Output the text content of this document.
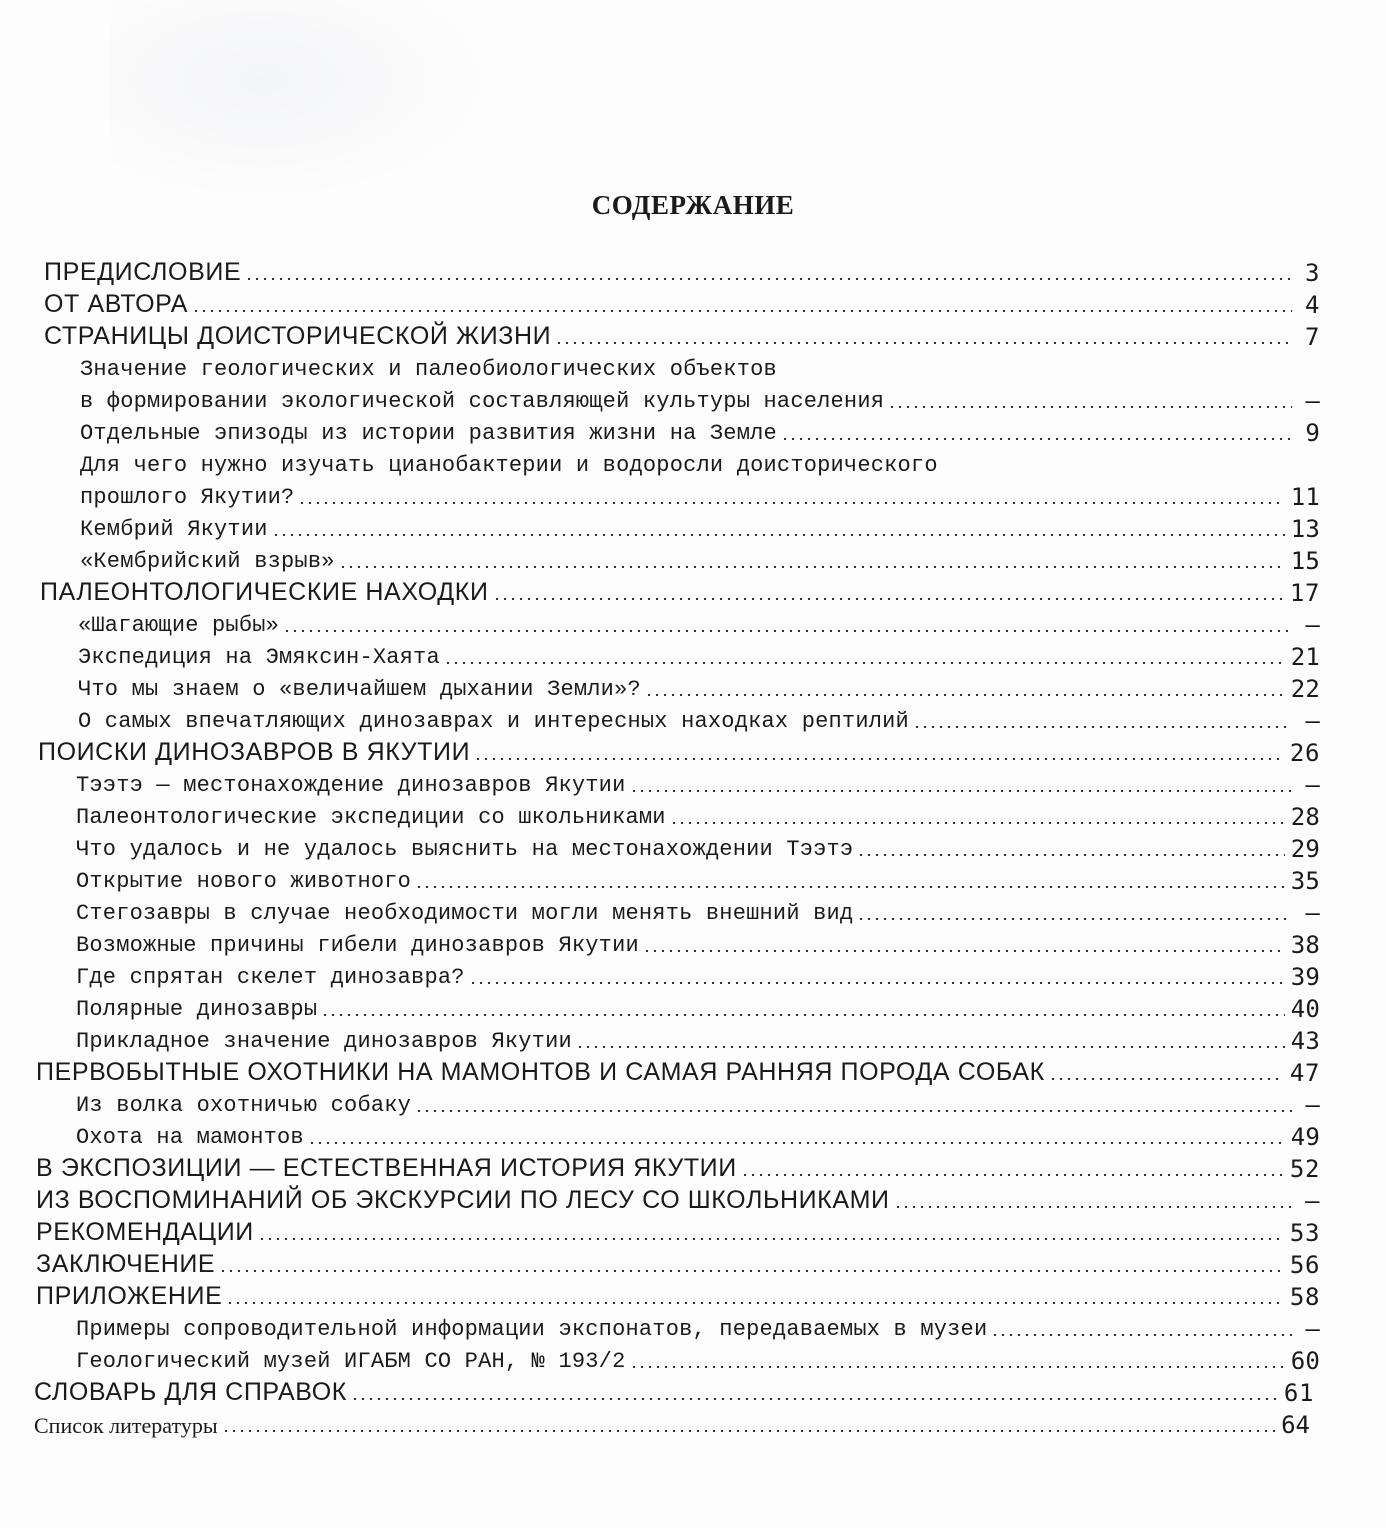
СОДЕРЖАНИЕ
ПРЕДИСЛОВИЕ	3
ОТ АВТОРА	4
СТРАНИЦЫ ДОИСТОРИЧЕСКОЙ ЖИЗНИ	7
Значение геологических и палеобиологических объектов
в формировании экологической составляющей культуры населения	—
Отдельные эпизоды из истории развития жизни на Земле	9
Для чего нужно изучать цианобактерии и водоросли доисторического
прошлого Якутии?	11
Кембрий Якутии	13
«Кембрийский взрыв»	15
ПАЛЕОНТОЛОГИЧЕСКИЕ НАХОДКИ	17
«Шагающие рыбы»	—
Экспедиция на Эмяксин-Хаята	21
Что мы знаем о «величайшем дыхании Земли»?	22
О самых впечатляющих динозаврах и интересных находках рептилий	—
ПОИСКИ ДИНОЗАВРОВ В ЯКУТИИ	26
Тээтэ — местонахождение динозавров Якутии	—
Палеонтологические экспедиции со школьниками	28
Что удалось и не удалось выяснить на местонахождении Тээтэ	29
Открытие нового животного	35
Стегозавры в случае необходимости могли менять внешний вид	—
Возможные причины гибели динозавров Якутии	38
Где спрятан скелет динозавра?	39
Полярные динозавры	40
Прикладное значение динозавров Якутии	43
ПЕРВОБЫТНЫЕ ОХОТНИКИ НА МАМОНТОВ И САМАЯ РАННЯЯ ПОРОДА СОБАК	47
Из волка охотничью собаку	—
Охота на мамонтов	49
В ЭКСПОЗИЦИИ — ЕСТЕСТВЕННАЯ ИСТОРИЯ ЯКУТИИ	52
ИЗ ВОСПОМИНАНИЙ ОБ ЭКСКУРСИИ ПО ЛЕСУ СО ШКОЛЬНИКАМИ	—
РЕКОМЕНДАЦИИ	53
ЗАКЛЮЧЕНИЕ	56
ПРИЛОЖЕНИЕ	58
Примеры сопроводительной информации экспонатов, передаваемых в музеи	—
Геологический музей ИГАБМ СО РАН, № 193/2	60
СЛОВАРЬ ДЛЯ СПРАВОК	61
Список литературы	64
